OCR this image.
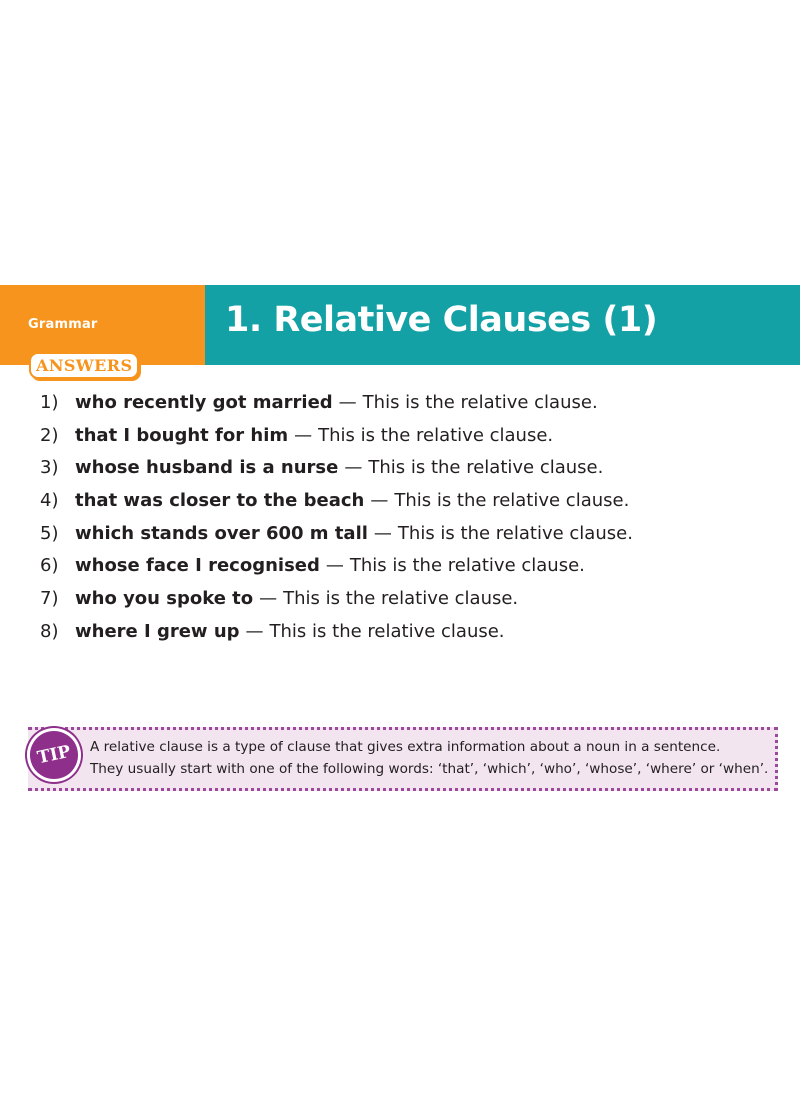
Grammar	1. Relative Clauses (1)
ANSWERS
1) who recently got married — This is the relative clause.
2) that I bought for him — This is the relative clause.
3) whose husband is a nurse — This is the relative clause.
4) that was closer to the beach — This is the relative clause.
5) which stands over 600 m tall — This is the relative clause.
6) whose face I recognised — This is the relative clause.
7) who you spoke to — This is the relative clause.
8) where I grew up — This is the relative clause.
TIP	A relative clause is a type of clause that gives extra information about a noun in a sentence.
They usually start with one of the following words: ‘that’, ‘which’, ‘who’, ‘whose’, ‘where’ or ‘when’.
